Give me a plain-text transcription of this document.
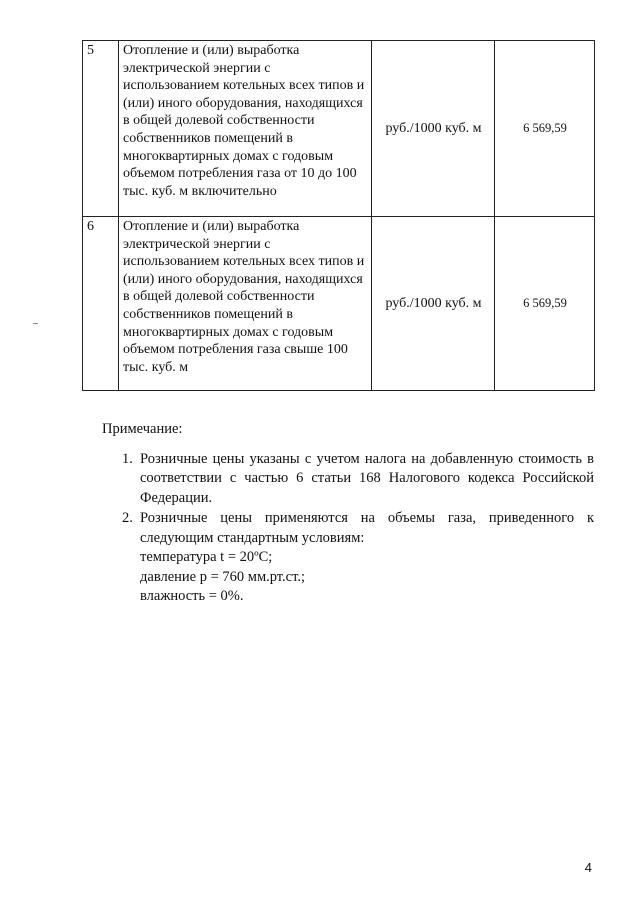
5	Отопление и (или) выработка электрической энергии с использованием котельных всех типов и (или) иного оборудования, находящихся в общей долевой собственности собственников помещений в многоквартирных домах с годовым объемом потребления газа от 10 до 100 тыс. куб. м включительно	руб./1000 куб. м	6 569,59
6	Отопление и (или) выработка электрической энергии с использованием котельных всех типов и (или) иного оборудования, находящихся в общей долевой собственности собственников помещений в многоквартирных домах с годовым объемом потребления газа свыше 100 тыс. куб. м	руб./1000 куб. м	6 569,59
Примечание:
1. Розничные цены указаны с учетом налога на добавленную стоимость в соответствии с частью 6 статьи 168 Налогового кодекса Российской Федерации.
2. Розничные цены применяются на объемы газа, приведенного к следующим стандартным условиям:
температура t = 20ºС;
давление р = 760 мм.рт.ст.;
влажность = 0%.
4
